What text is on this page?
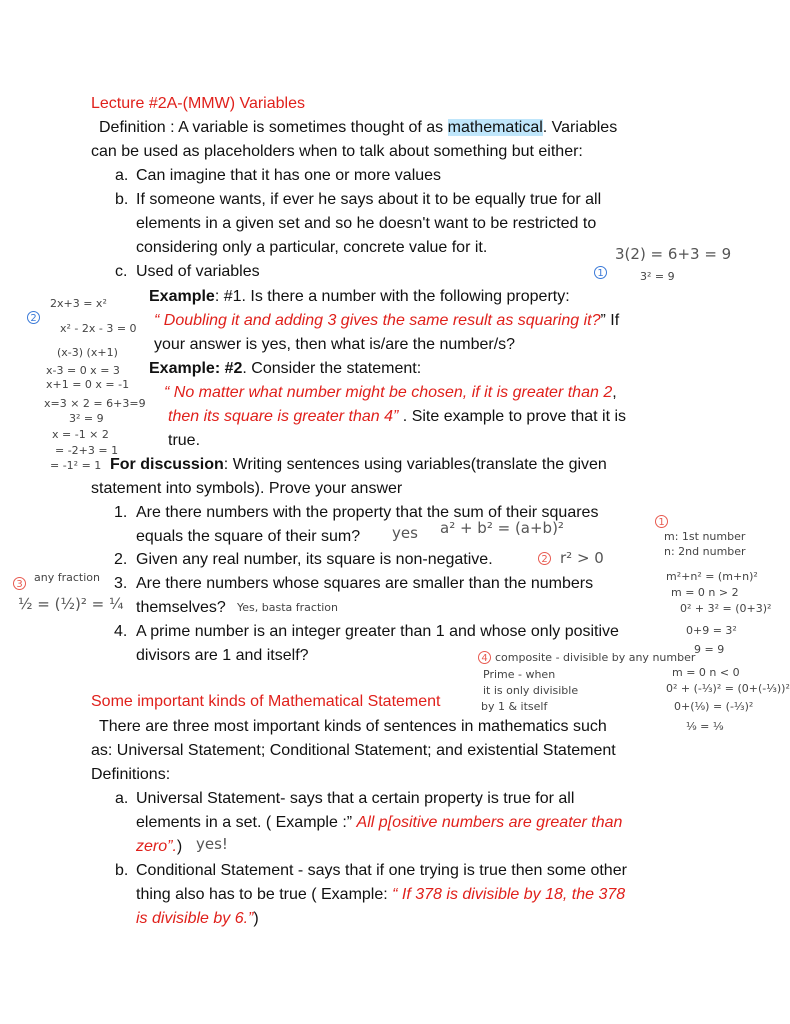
Lecture #2A-(MMW) Variables
Definition : A variable is sometimes thought of as mathematical. Variables
can be used as placeholders when to talk about something but either:
a. Can imagine that it has one or more values
b. If someone wants, if ever he says about it to be equally true for all
elements in a given set and so he doesn't want to be restricted to
considering only a particular, concrete value for it.
c. Used of variables
Example: #1. Is there a number with the following property:
“ Doubling it and adding 3 gives the same result as squaring it?” If
your answer is yes, then what is/are the number/s?
Example: #2. Consider the statement:
“ No matter what number might be chosen, if it is greater than 2,
then its square is greater than 4” . Site example to prove that it is
true.
For discussion: Writing sentences using variables(translate the given
statement into symbols). Prove your answer
1. Are there numbers with the property that the sum of their squares
equals the square of their sum?
2. Given any real number, its square is non-negative.
3. Are there numbers whose squares are smaller than the numbers
themselves?
4. A prime number is an integer greater than 1 and whose only positive
divisors are 1 and itself?
Some important kinds of Mathematical Statement
There are three most important kinds of sentences in mathematics such
as: Universal Statement; Conditional Statement; and existential Statement
Definitions:
a. Universal Statement- says that a certain property is true for all
elements in a set. ( Example :” All p[ositive numbers are greater than
zero”.)
b. Conditional Statement - says that if one trying is true then some other
thing also has to be true ( Example: “ If 378 is divisible by 18, the 378
is divisible by 6.”)
3(2) = 6+3 = 9
3² = 9
1
2x+3 = x²
2
x² - 2x - 3 = 0
(x-3) (x+1)
x-3 = 0 x = 3
x+1 = 0 x = -1
x=3 × 2 = 6+3=9
3² = 9
x = -1 × 2
= -2+3 = 1
= -1² = 1
yes a² + b² = (a+b)²
2 r² > 0
3
any fraction
½ = (½)² = ¼	Yes, basta fraction
4 composite - divisible by any number
Prime - when
it is only divisible
by 1 & itself
1
m: 1st number
n: 2nd number
m²+n² = (m+n)²
m = 0 n > 2
0² + 3² = (0+3)²
0+9 = 3²
9 = 9
m = 0 n < 0
0² + (-⅓)² = (0+(-⅓))²
0+(⅑) = (-⅓)²
⅑ = ⅑
yes!
